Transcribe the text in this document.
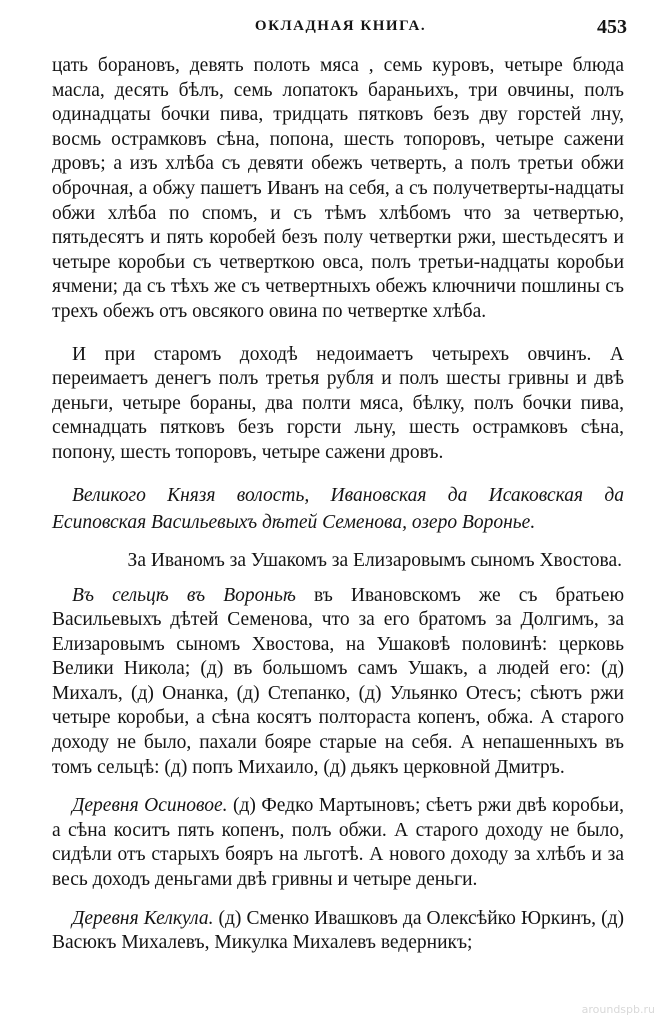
ОКЛАДНАЯ КНИГА.	453

цать борановъ, девять полоть мяса , семь куровъ, четыре блюда масла, десять бѣлъ, семь лопатокъ бараньихъ, три овчины, полъ одинадцаты бочки пива, тридцать пятковъ безъ дву горстей лну, восмь острамковъ сѣна, попона, шесть топоровъ, четыре сажени дровъ; а изъ хлѣба съ девяти обежъ четверть, а полъ третьи обжи оброчная, а обжу пашетъ Иванъ на себя, а съ получетверты-надцаты обжи хлѣба по спомъ, и съ тѣмъ хлѣбомъ что за четвертью, пятьдесятъ и пять коробей безъ полу четвертки ржи, шестьдесятъ и четыре коробьи съ четверткою овса, полъ третьи-надцаты коробьи ячмени; да съ тѣхъ же съ четвертныхъ обежъ ключничи пошлины съ трехъ обежъ отъ овсякого овина по четвертке хлѣба.

И при старомъ доходѣ недоимаетъ четырехъ овчинъ. А переимаетъ денегъ полъ третья рубля и полъ шесты гривны и двѣ деньги, четыре бораны, два полти мяса, бѣлку, полъ бочки пива, семнадцать пятковъ безъ горсти льну, шесть острамковъ сѣна, попону, шесть топоровъ, четыре сажени дровъ.

Великого Князя волость, Ивановская да Исаковская да Есиповская Васильевыхъ дѣтей Семенова, озеро Воронье.

За Иваномъ за Ушакомъ за Елизаровымъ сыномъ Хвостова.

Въ сельцѣ въ Вороньѣ въ Ивановскомъ же съ братьею Васильевыхъ дѣтей Семенова, что за его братомъ за Долгимъ, за Елизаровымъ сыномъ Хвостова, на Ушаковѣ половинѣ: церковь Велики Никола; (д) въ большомъ самъ Ушакъ, а людей его: (д) Михалъ, (д) Онанка, (д) Степанко, (д) Ульянко Отесъ; сѣютъ ржи четыре коробьи, а сѣна косятъ полтораста копенъ, обжа. А старого доходу не было, пахали бояре старые на себя. А непашенныхъ въ томъ сельцѣ: (д) попъ Михаило, (д) дьякъ церковной Дмитръ.

Деревня Осиновое. (д) Федко Мартыновъ; сѣетъ ржи двѣ коробьи, а сѣна коситъ пять копенъ, полъ обжи. А старого доходу не было, сидѣли отъ старыхъ бояръ на льготѣ. А нового доходу за хлѣбъ и за весь доходъ деньгами двѣ гривны и четыре деньги.

Деревня Келкула. (д) Сменко Ивашковъ да Олексѣйко Юркинъ, (д) Васюкъ Михалевъ, Микулка Михалевъ ведерникъ;

aroundspb.ru
